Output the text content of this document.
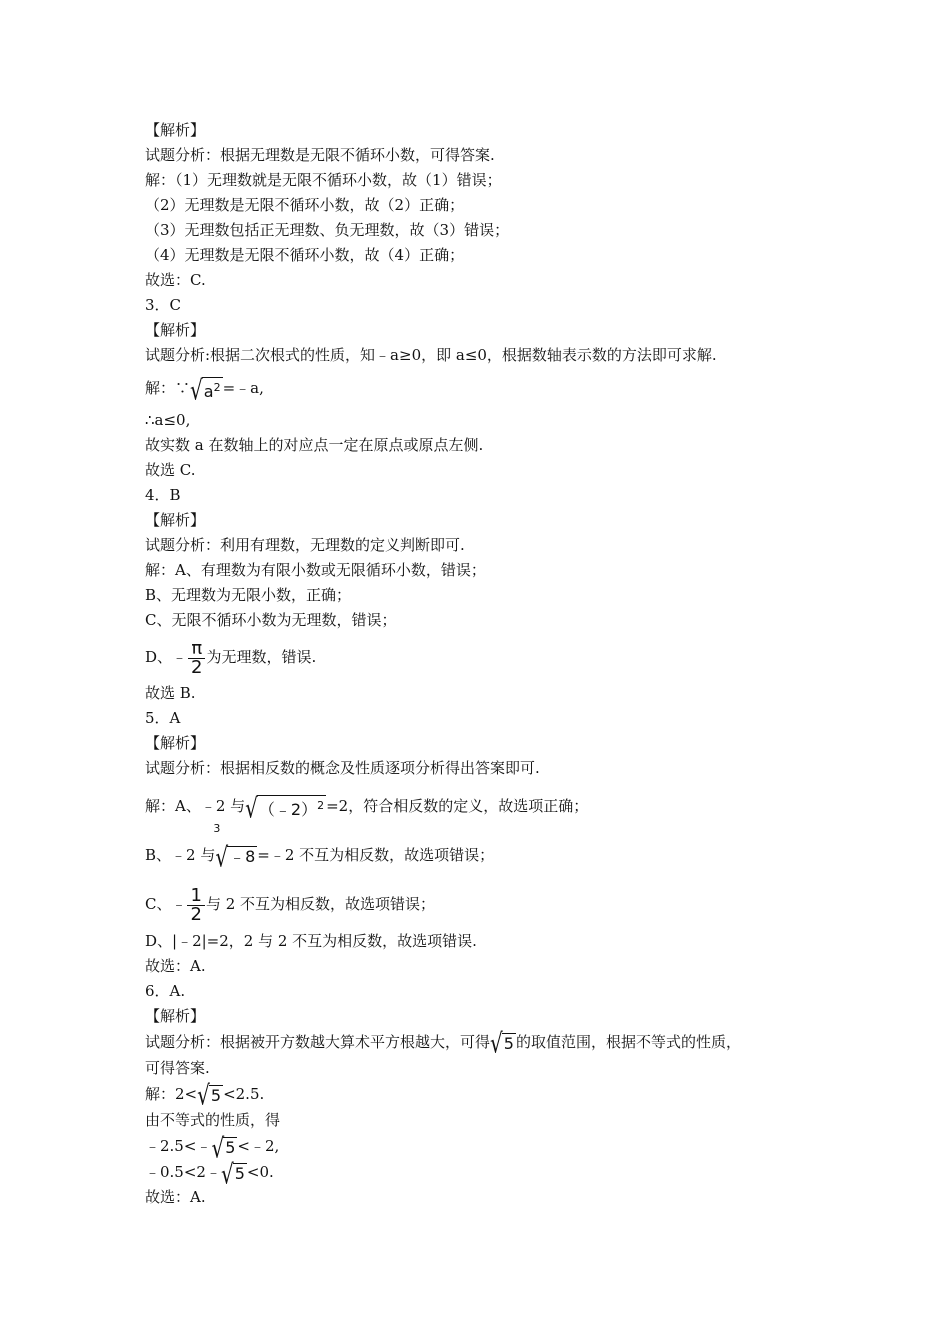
【解析】
试题分析：根据无理数是无限不循环小数，可得答案.
解：（1）无理数就是无限不循环小数，故（1）错误；
（2）无理数是无限不循环小数，故（2）正确；
（3）无理数包括正无理数、负无理数，故（3）错误；
（4）无理数是无限不循环小数，故（4）正确；
故选：C.
3．C
【解析】
试题分析:根据二次根式的性质，知﹣a≥0，即 a≤0，根据数轴表示数的方法即可求解.
解：$\because√a^2$ =﹣a,
∴a≤0,
故实数 a 在数轴上的对应点一定在原点或原点左侧.
故选 C.
4．B
【解析】
试题分析：利用有理数，无理数的定义判断即可.
解：A、有理数为有限小数或无限循环小数，错误；
B、无理数为无限小数，正确；
C、无限不循环小数为无理数，错误；
D、﹣ $\frac{\pi}{2}$ 为无理数，错误.
故选 B.
5．A
【解析】
试题分析：根据相反数的概念及性质逐项分析得出答案即可.
解：A、﹣2 与√（﹣2）$^2$ =2，符合相反数的定义，故选项正确；
B、﹣2 与
3
√﹣8 =﹣2 不互为相反数，故选项错误；
C、﹣ $\frac{1}{2}$ 与 2 不互为相反数，故选项错误；
D、|﹣2|=2，2 与 2 不互为相反数，故选项错误.
故选：A.
6．A.
【解析】
试题分析：根据被开方数越大算术平方根越大，可得√5 的取值范围，根据不等式的性质，
可得答案.
解：2<√5 <2.5.
由不等式的性质，得
﹣2.5<﹣√5 <﹣2,
﹣0.5<2﹣√5 <0.
故选：A.
